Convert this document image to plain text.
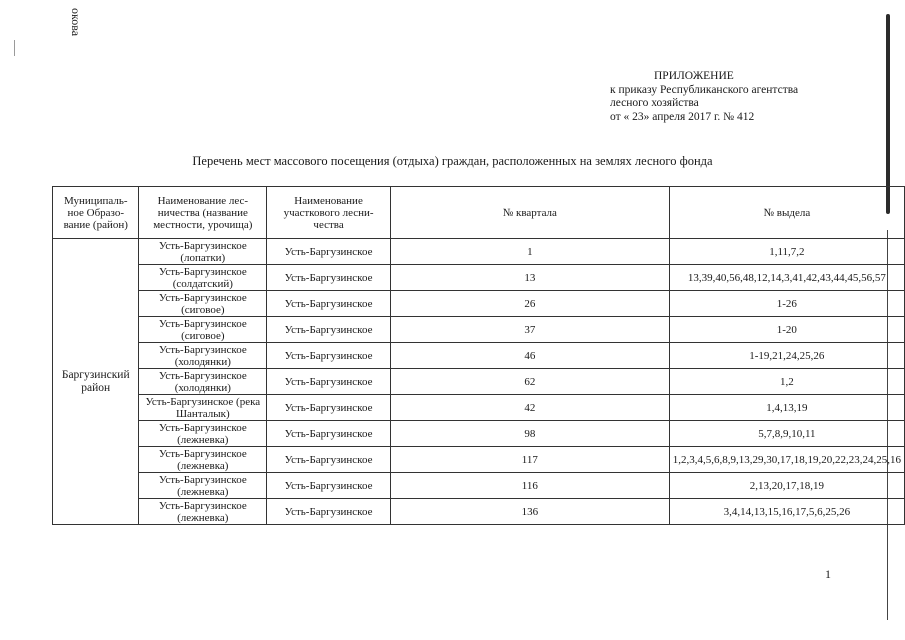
окова
ПРИЛОЖЕНИЕ
к приказу Республиканского агентства
лесного хозяйства
от « 23» апреля 2017 г. № 412
Перечень мест массового посещения (отдыха) граждан, расположенных на землях лесного фонда
Муниципаль-ное Образо-вание (район)	Наименование лес-ничества (название местности, урочища)	Наименование участкового лесни-чества	№ квартала	№ выдела
Баргузинский район	Усть-Баргузинское (лопатки)	Усть-Баргузинское	1	1,11,7,2
	Усть-Баргузинское (солдатский)	Усть-Баргузинское	13	13,39,40,56,48,12,14,3,41,42,43,44,45,56,57
	Усть-Баргузинское (сиговое)	Усть-Баргузинское	26	1-26
	Усть-Баргузинское (сиговое)	Усть-Баргузинское	37	1-20
	Усть-Баргузинское (холодянки)	Усть-Баргузинское	46	1-19,21,24,25,26
	Усть-Баргузинское (холодянки)	Усть-Баргузинское	62	1,2
	Усть-Баргузинское (река Шанталык)	Усть-Баргузинское	42	1,4,13,19
	Усть-Баргузинское (лежневка)	Усть-Баргузинское	98	5,7,8,9,10,11
	Усть-Баргузинское (лежневка)	Усть-Баргузинское	117	1,2,3,4,5,6,8,9,13,29,30,17,18,19,20,22,23,24,25,16
	Усть-Баргузинское (лежневка)	Усть-Баргузинское	116	2,13,20,17,18,19
	Усть-Баргузинское (лежневка)	Усть-Баргузинское	136	3,4,14,13,15,16,17,5,6,25,26
1
